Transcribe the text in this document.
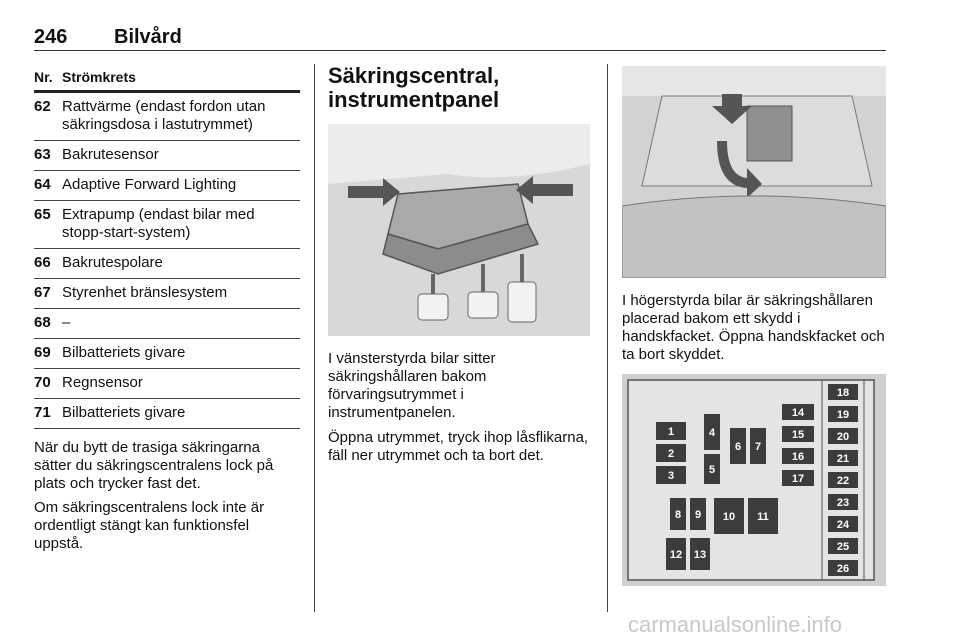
246 Bilvård
Nr. Strömkrets
62 Rattvärme (endast fordon utan säkringsdosa i lastutrymmet)
63 Bakrutesensor
64 Adaptive Forward Lighting
65 Extrapump (endast bilar med stopp-start-system)
66 Bakrutespolare
67 Styrenhet bränslesystem
68 –
69 Bilbatteriets givare
70 Regnsensor
71 Bilbatteriets givare

När du bytt de trasiga säkringarna sätter du säkringscentralens lock på plats och trycker fast det.

Om säkringscentralens lock inte är ordentligt stängt kan funktionsfel uppstå.

Säkringscentral, instrumentpanel

I vänsterstyrda bilar sitter säkringshållaren bakom förvaringsutrymmet i instrumentpanelen.

Öppna utrymmet, tryck ihop låsflikarna, fäll ner utrymmet och ta bort det.

I högerstyrda bilar är säkringshållaren placerad bakom ett skydd i handskfacket. Öppna handskfacket och ta bort skyddet.

1
2
3
4
5
6 7
8 9 10 11
12 13
14
15
16
17
18
19
20
21
22
23
24
25
26
carmanualsonline.info
